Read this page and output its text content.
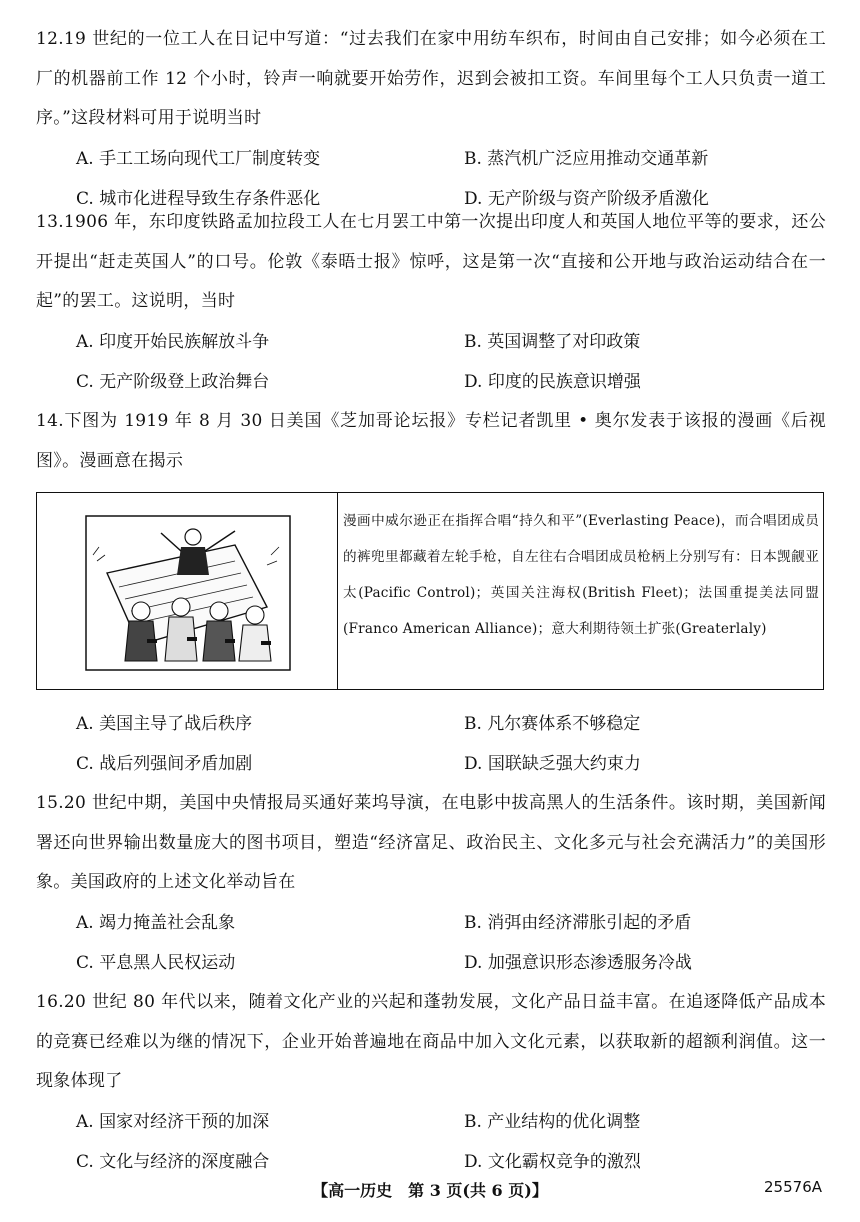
12.19 世纪的一位工人在日记中写道：“过去我们在家中用纺车织布，时间由自己安排；如今必须在工厂的机器前工作 12 个小时，铃声一响就要开始劳作，迟到会被扣工资。车间里每个工人只负责一道工序。”这段材料可用于说明当时
A. 手工工场向现代工厂制度转变	B. 蒸汽机广泛应用推动交通革新
C. 城市化进程导致生存条件恶化	D. 无产阶级与资产阶级矛盾激化
13.1906 年，东印度铁路孟加拉段工人在七月罢工中第一次提出印度人和英国人地位平等的要求，还公开提出“赶走英国人”的口号。伦敦《泰晤士报》惊呼，这是第一次“直接和公开地与政治运动结合在一起”的罢工。这说明，当时
A. 印度开始民族解放斗争	B. 英国调整了对印政策
C. 无产阶级登上政治舞台	D. 印度的民族意识增强
14.下图为 1919 年 8 月 30 日美国《芝加哥论坛报》专栏记者凯里 • 奥尔发表于该报的漫画《后视图》。漫画意在揭示
漫画中威尔逊正在指挥合唱“持久和平”(Everlasting Peace)，而合唱团成员的裤兜里都藏着左轮手枪，自左往右合唱团成员枪柄上分别写有：日本觊觎亚太(Pacific Control)；英国关注海权(British Fleet)；法国重提美法同盟(Franco American Alliance)；意大利期待领土扩张(Greaterlaly)
A. 美国主导了战后秩序	B. 凡尔赛体系不够稳定
C. 战后列强间矛盾加剧	D. 国联缺乏强大约束力
15.20 世纪中期，美国中央情报局买通好莱坞导演，在电影中拔高黑人的生活条件。该时期，美国新闻署还向世界输出数量庞大的图书项目，塑造“经济富足、政治民主、文化多元与社会充满活力”的美国形象。美国政府的上述文化举动旨在
A. 竭力掩盖社会乱象	B. 消弭由经济滞胀引起的矛盾
C. 平息黑人民权运动	D. 加强意识形态渗透服务冷战
16.20 世纪 80 年代以来，随着文化产业的兴起和蓬勃发展，文化产品日益丰富。在追逐降低产品成本的竞赛已经难以为继的情况下，企业开始普遍地在商品中加入文化元素，以获取新的超额利润值。这一现象体现了
A. 国家对经济干预的加深	B. 产业结构的优化调整
C. 文化与经济的深度融合	D. 文化霸权竞争的激烈
【高一历史　第 3 页(共 6 页)】	25576A
